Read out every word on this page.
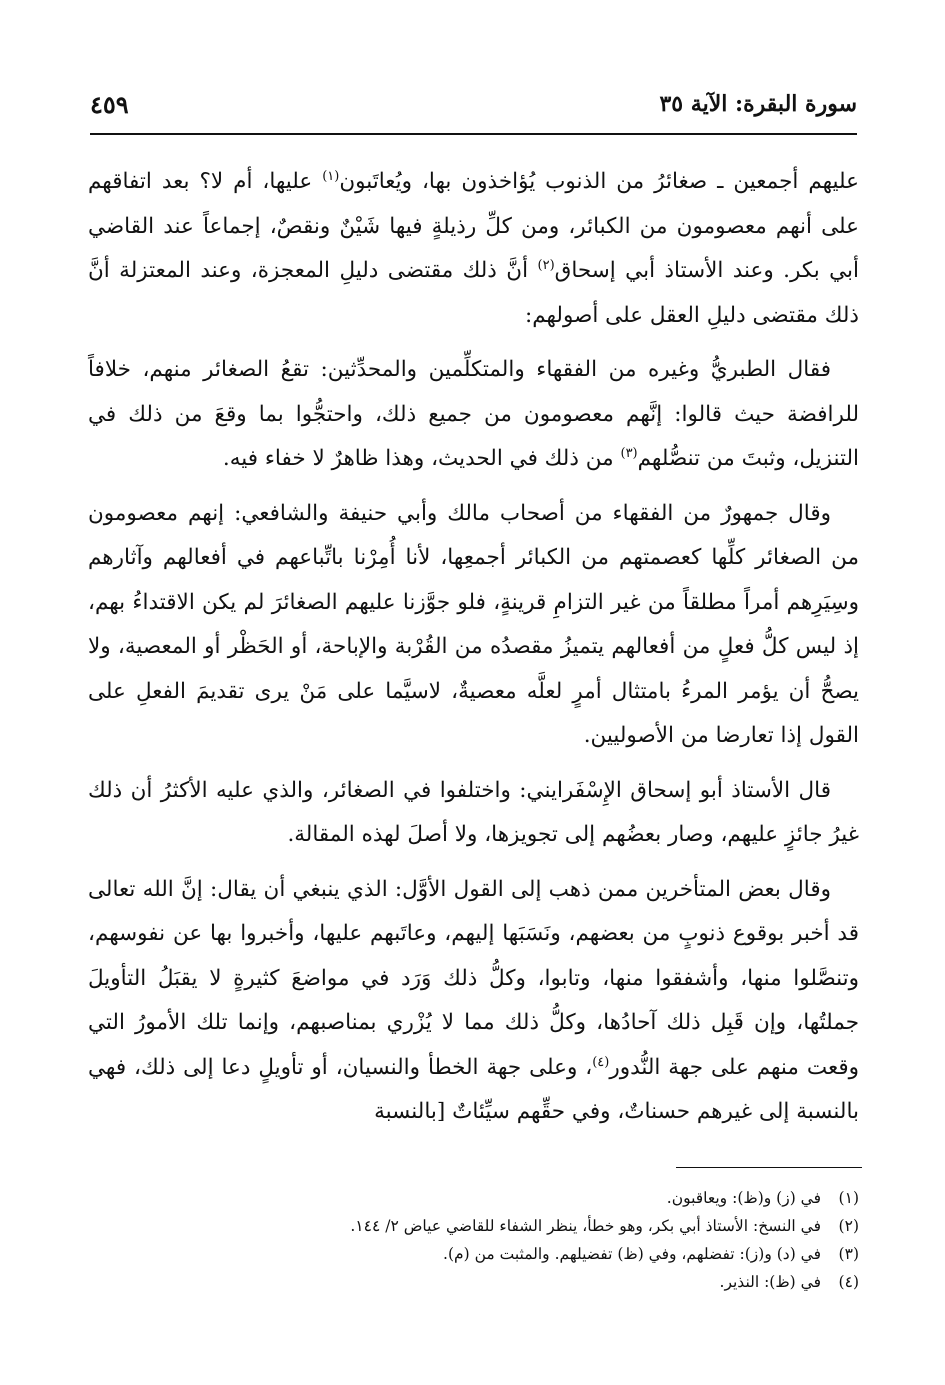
سورة البقرة: الآية ٣٥
٤٥٩

عليهم أجمعين ـ صغائرُ من الذنوب يُؤاخذون بها، ويُعاتَبون$^{(١)}$ عليها، أم لا؟ بعد اتفاقهم على أنهم معصومون من الكبائر، ومن كلِّ رذيلةٍ فيها شَيْنٌ ونقصٌ، إجماعاً عند القاضي أبي بكر. وعند الأستاذ أبي إسحاق$^{(٢)}$ أنَّ ذلك مقتضى دليلِ المعجزة، وعند المعتزلة أنَّ ذلك مقتضى دليلِ العقل على أصولهم:

فقال الطبريُّ وغيره من الفقهاء والمتكلِّمين والمحدِّثين: تقعُ الصغائر منهم، خلافاً للرافضة حيث قالوا: إنَّهم معصومون من جميع ذلك، واحتجُّوا بما وقعَ من ذلك في التنزيل، وثبتَ من تنصُّلهم$^{(٣)}$ من ذلك في الحديث، وهذا ظاهرٌ لا خفاء فيه.

وقال جمهورٌ من الفقهاء من أصحاب مالك وأبي حنيفة والشافعي: إنهم معصومون من الصغائر كلِّها كعصمتهم من الكبائر أجمعِها، لأنا أُمِرْنا باتِّباعهم في أفعالهم وآثارهم وسِيَرِهم أمراً مطلقاً من غير التزامِ قرينةٍ، فلو جوَّزنا عليهم الصغائرَ لم يكن الاقتداءُ بهم، إذ ليس كلُّ فعلٍ من أفعالهم يتميزُ مقصدُه من القُرْبة والإباحة، أو الحَظْر أو المعصية، ولا يصحُّ أن يؤمر المرءُ بامتثال أمرٍ لعلَّه معصيةٌ، لاسيَّما على مَنْ يرى تقديمَ الفعلِ على القول إذا تعارضا من الأصوليين.

قال الأستاذ أبو إسحاق الإِسْفَرايني: واختلفوا في الصغائر، والذي عليه الأكثرُ أن ذلك غيرُ جائزٍ عليهم، وصار بعضُهم إلى تجويزها، ولا أصلَ لهذه المقالة.

وقال بعض المتأخرين ممن ذهب إلى القول الأوَّل: الذي ينبغي أن يقال: إنَّ الله تعالى قد أخبر بوقوع ذنوبٍ من بعضهم، ونَسَبَها إليهم، وعاتَبهم عليها، وأخبروا بها عن نفوسهم، وتنصَّلوا منها، وأشفقوا منها، وتابوا، وكلُّ ذلك وَرَد في مواضعَ كثيرةٍ لا يقبَلُ التأويلَ جملتُها، وإن قَبِل ذلك آحادُها، وكلُّ ذلك مما لا يُزْري بمناصبهم، وإنما تلك الأمورُ التي وقعت منهم على جهة النُّدور$^{(٤)}$، وعلى جهة الخطأ والنسيان، أو تأويلٍ دعا إلى ذلك، فهي بالنسبة إلى غيرهم حسناتٌ، وفي حقِّهم سيِّئاتٌ [بالنسبة

(١)
في (ز) و(ظ): ويعاقبون.
(٢)
في النسخ: الأستاذ أبي بكر، وهو خطأ، ينظر الشفاء للقاضي عياض ٢/ ١٤٤.
(٣)
في (د) و(ز): تفضلهم، وفي (ظ) تفضيلهم. والمثبت من (م).
(٤)
في (ظ): النذير.
